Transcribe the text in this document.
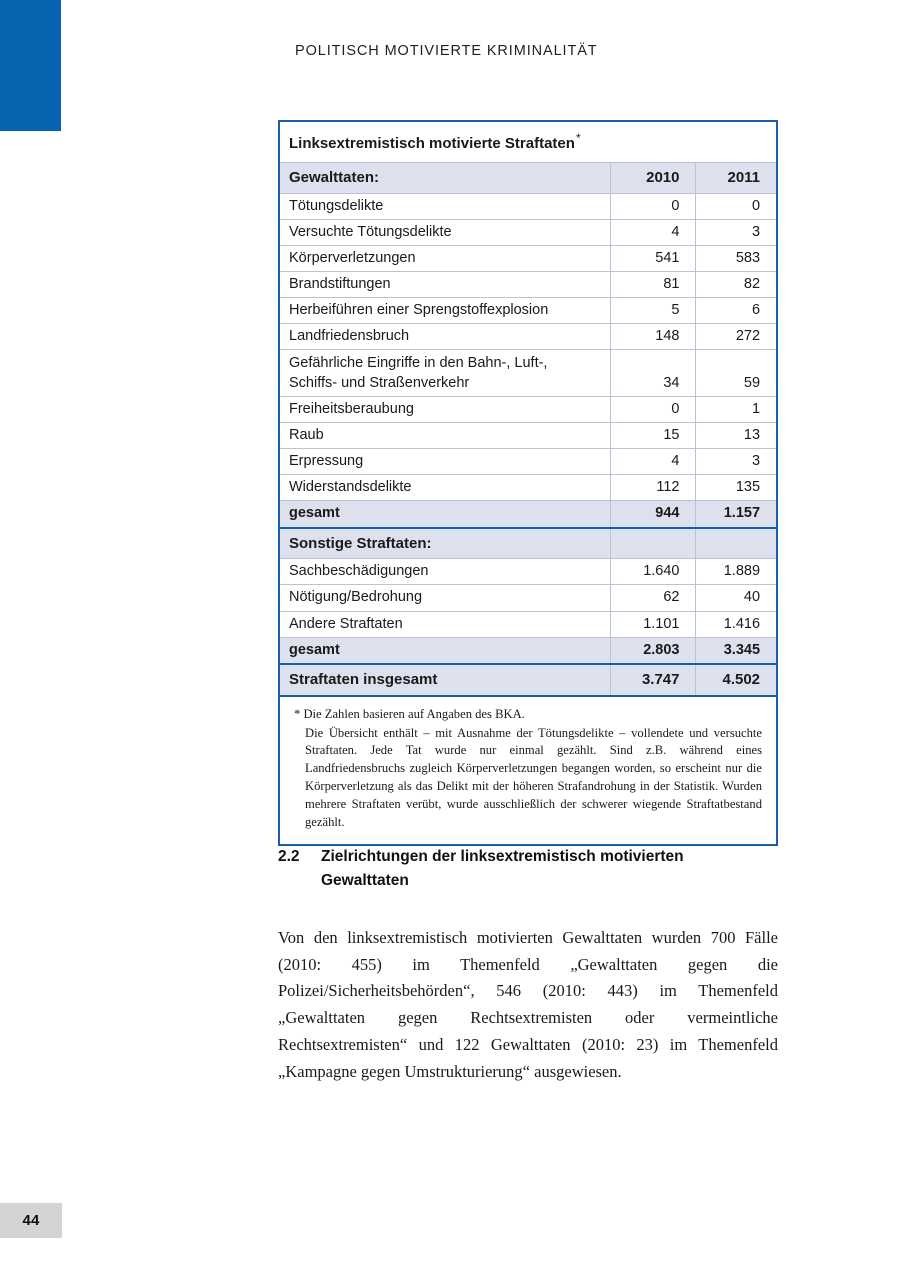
POLITISCH MOTIVIERTE KRIMINALITÄT
Linksextremistisch motivierte Straftaten*
Gewalttaten:	2010	2011
Tötungsdelikte	0	0
Versuchte Tötungsdelikte	4	3
Körperverletzungen	541	583
Brandstiftungen	81	82
Herbeiführen einer Sprengstoffexplosion	5	6
Landfriedensbruch	148	272
Gefährliche Eingriffe in den Bahn-, Luft-,
Schiffs- und Straßenverkehr	34	59
Freiheitsberaubung	0	1
Raub	15	13
Erpressung	4	3
Widerstandsdelikte	112	135
gesamt	944	1.157
Sonstige Straftaten:		
Sachbeschädigungen	1.640	1.889
Nötigung/Bedrohung	62	40
Andere Straftaten	1.101	1.416
gesamt	2.803	3.345
Straftaten insgesamt	3.747	4.502

* Die Zahlen basieren auf Angaben des BKA.

Die Übersicht enthält – mit Ausnahme der Tötungsdelikte – vollendete und versuchte Straftaten. Jede Tat wurde nur einmal gezählt. Sind z.B. während eines Landfriedensbruchs zugleich Körperverletzungen begangen worden, so erscheint nur die Körperverletzung als das Delikt mit der höheren Strafandrohung in der Statistik. Wurden mehrere Straftaten verübt, wurde ausschließlich der schwerer wiegende Straftatbestand gezählt.

2.2 Zielrichtungen der linksextremistisch motivierten
Gewalttaten
Von den linksextremistisch motivierten Gewalttaten wurden 700 Fälle (2010: 455) im Themenfeld „Gewalttaten gegen die Polizei/Sicherheitsbehörden“, 546 (2010: 443) im Themenfeld „Gewalttaten gegen Rechtsextremisten oder vermeintliche Rechtsextremisten“ und 122 Gewalttaten (2010: 23) im Themenfeld „Kampagne gegen Umstrukturierung“ ausgewiesen.
44
